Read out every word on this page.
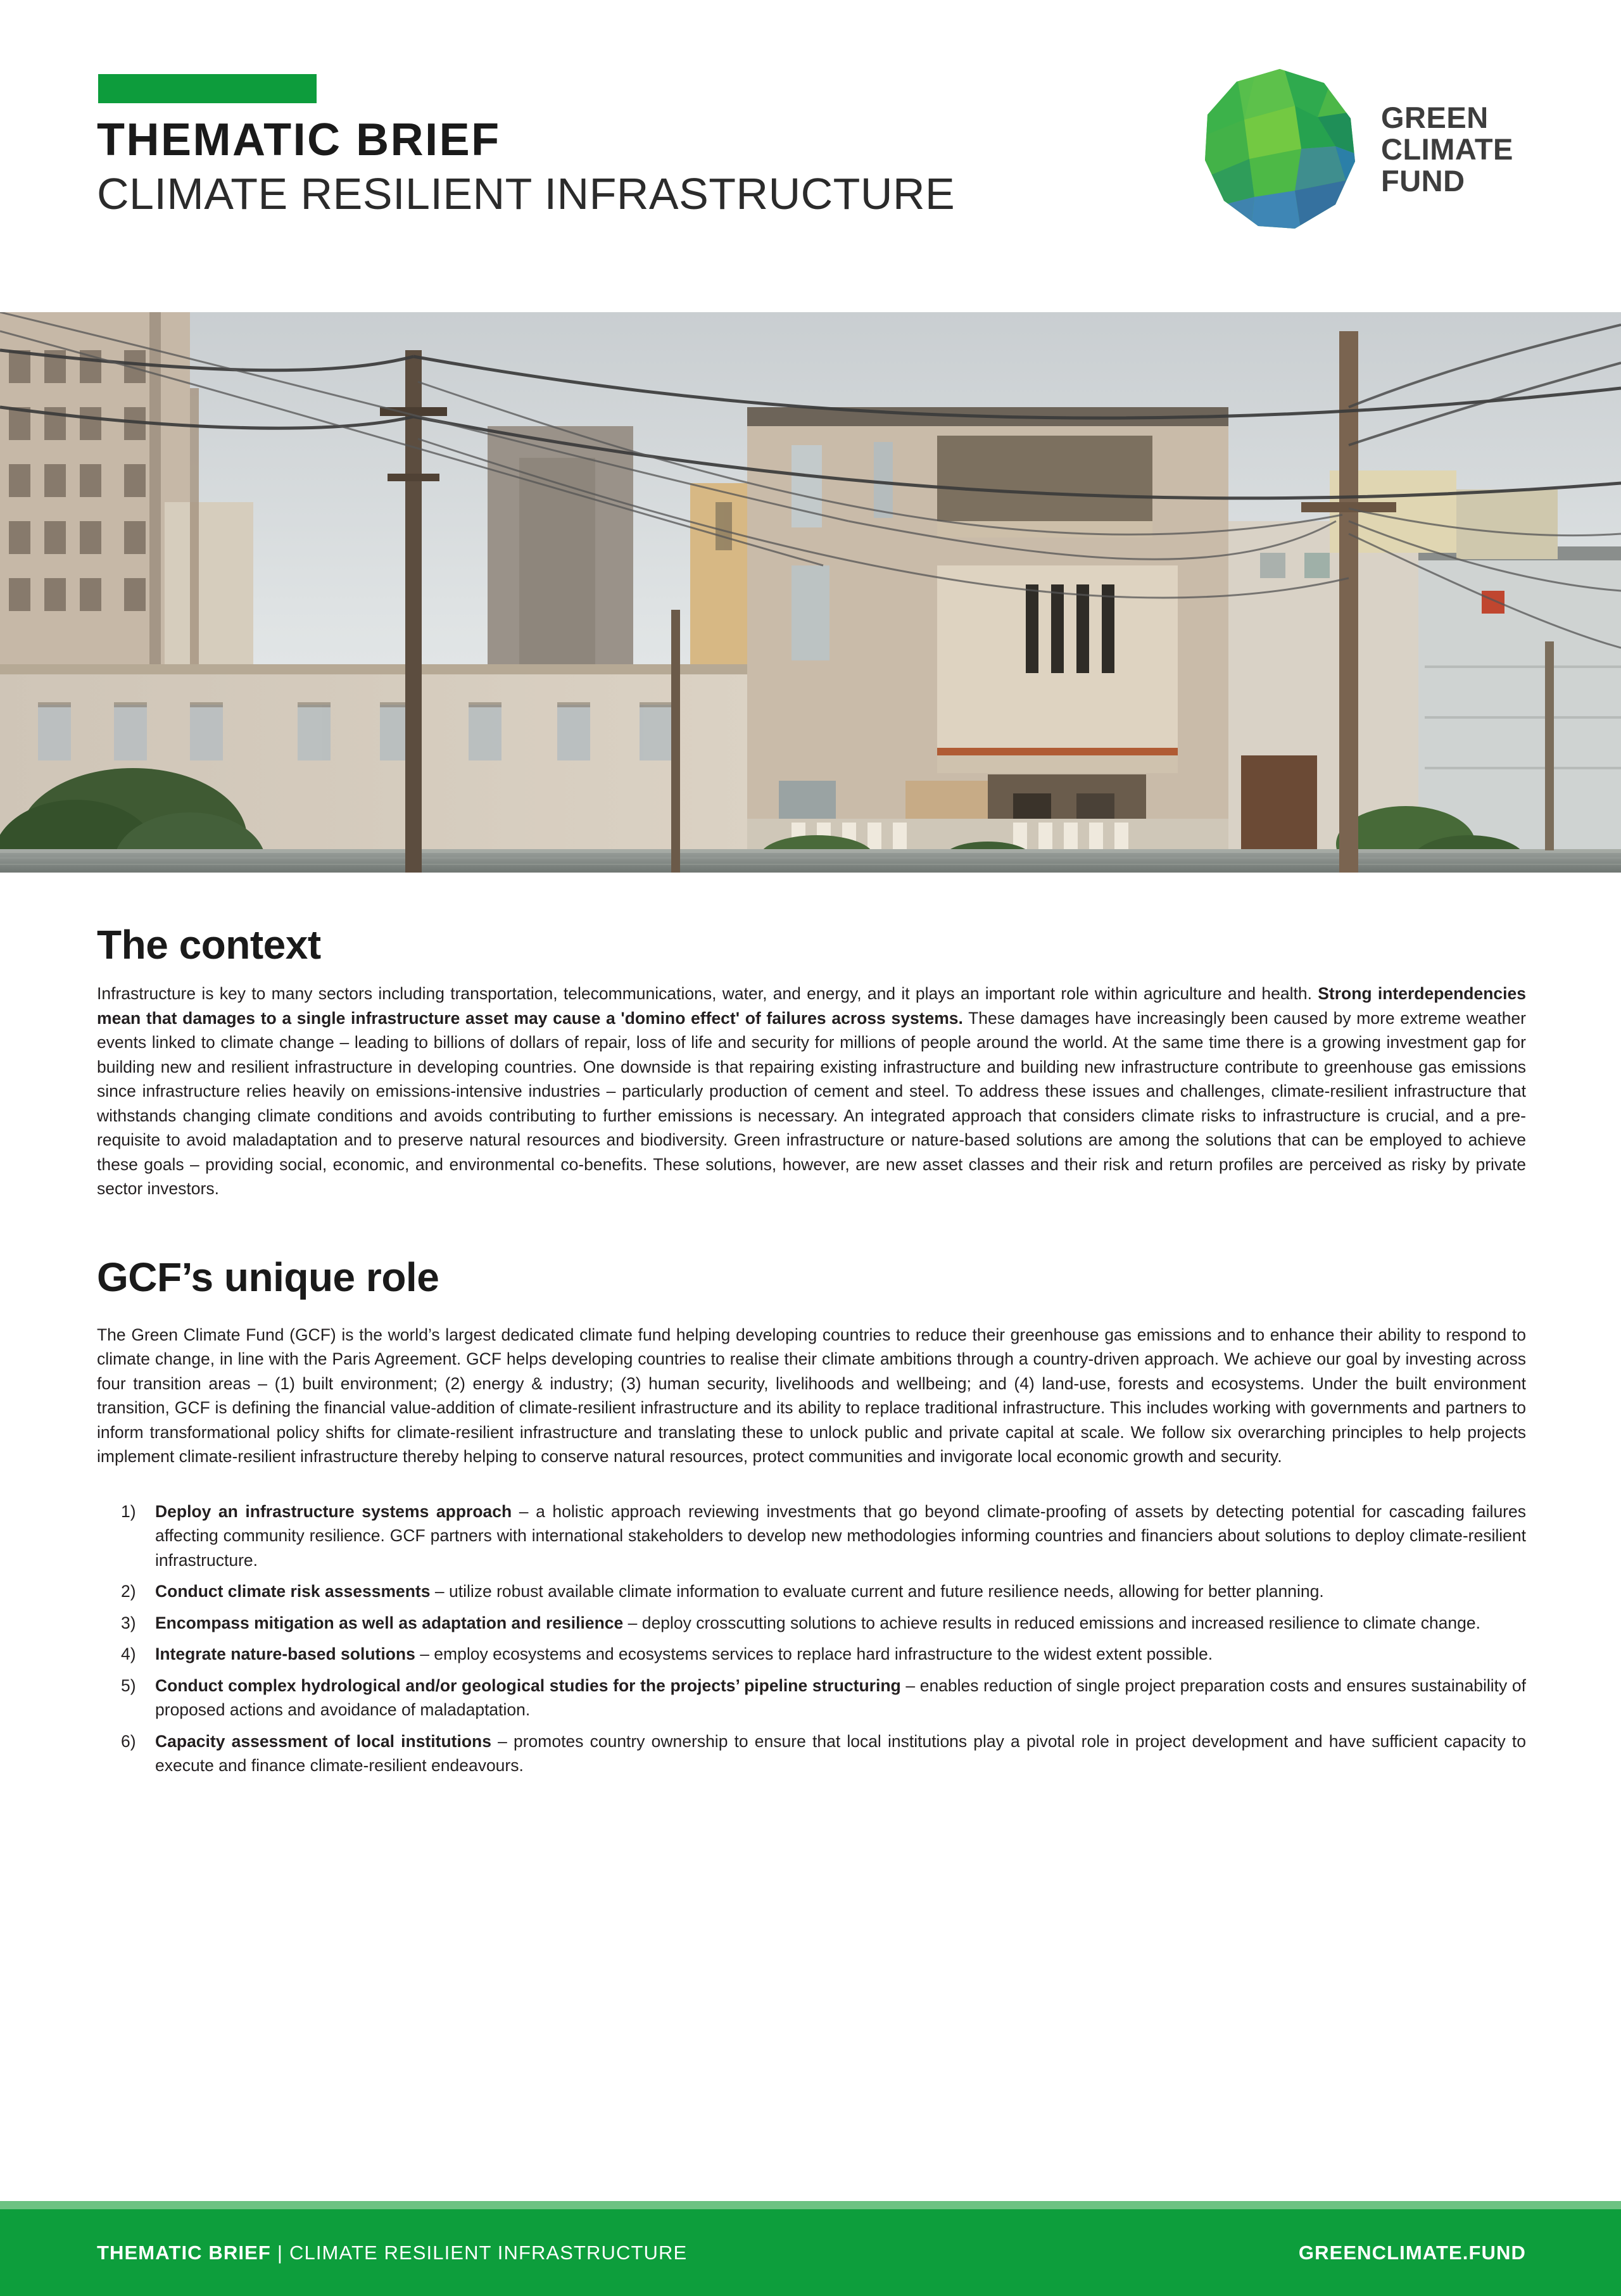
THEMATIC BRIEF
CLIMATE RESILIENT INFRASTRUCTURE
GREEN
CLIMATE
FUND
The context

Infrastructure is key to many sectors including transportation, telecommunications, water, and energy, and it plays an important role within agriculture and health. Strong interdependencies mean that damages to a single infrastructure asset may cause a 'domino effect' of failures across systems. These damages have increasingly been caused by more extreme weather events linked to climate change – leading to billions of dollars of repair, loss of life and security for millions of people around the world. At the same time there is a growing investment gap for building new and resilient infrastructure in developing countries. One downside is that repairing existing infrastructure and building new infrastructure contribute to greenhouse gas emissions since infrastructure relies heavily on emissions-intensive industries – particularly production of cement and steel. To address these issues and challenges, climate-resilient infrastructure that withstands changing climate conditions and avoids contributing to further emissions is necessary. An integrated approach that considers climate risks to infrastructure is crucial, and a pre-requisite to avoid maladaptation and to preserve natural resources and biodiversity. Green infrastructure or nature-based solutions are among the solutions that can be employed to achieve these goals – providing social, economic, and environmental co-benefits. These solutions, however, are new asset classes and their risk and return profiles are perceived as risky by private sector investors.

GCF’s unique role

The Green Climate Fund (GCF) is the world’s largest dedicated climate fund helping developing countries to reduce their greenhouse gas emissions and to enhance their ability to respond to climate change, in line with the Paris Agreement. GCF helps developing countries to realise their climate ambitions through a country-driven approach. We achieve our goal by investing across four transition areas – (1) built environment; (2) energy & industry; (3) human security, livelihoods and wellbeing; and (4) land-use, forests and ecosystems. Under the built environment transition, GCF is defining the financial value-addition of climate-resilient infrastructure and its ability to replace traditional infrastructure. This includes working with governments and partners to inform transformational policy shifts for climate-resilient infrastructure and translating these to unlock public and private capital at scale. We follow six overarching principles to help projects implement climate-resilient infrastructure thereby helping to conserve natural resources, protect communities and invigorate local economic growth and security.

1)	Deploy an infrastructure systems approach – a holistic approach reviewing investments that go beyond climate-proofing of assets by detecting potential for cascading failures affecting community resilience. GCF partners with international stakeholders to develop new methodologies informing countries and financiers about solutions to deploy climate-resilient infrastructure.
2)	Conduct climate risk assessments – utilize robust available climate information to evaluate current and future resilience needs, allowing for better planning.
3)	Encompass mitigation as well as adaptation and resilience – deploy crosscutting solutions to achieve results in reduced emissions and increased resilience to climate change.
4)	Integrate nature-based solutions – employ ecosystems and ecosystems services to replace hard infrastructure to the widest extent possible.
5)	Conduct complex hydrological and/or geological studies for the projects’ pipeline structuring – enables reduction of single project preparation costs and ensures sustainability of proposed actions and avoidance of maladaptation.
6)	Capacity assessment of local institutions – promotes country ownership to ensure that local institutions play a pivotal role in project development and have sufficient capacity to execute and finance climate-resilient endeavours.
THEMATIC BRIEF | CLIMATE RESILIENT INFRASTRUCTURE	GREENCLIMATE.FUND
